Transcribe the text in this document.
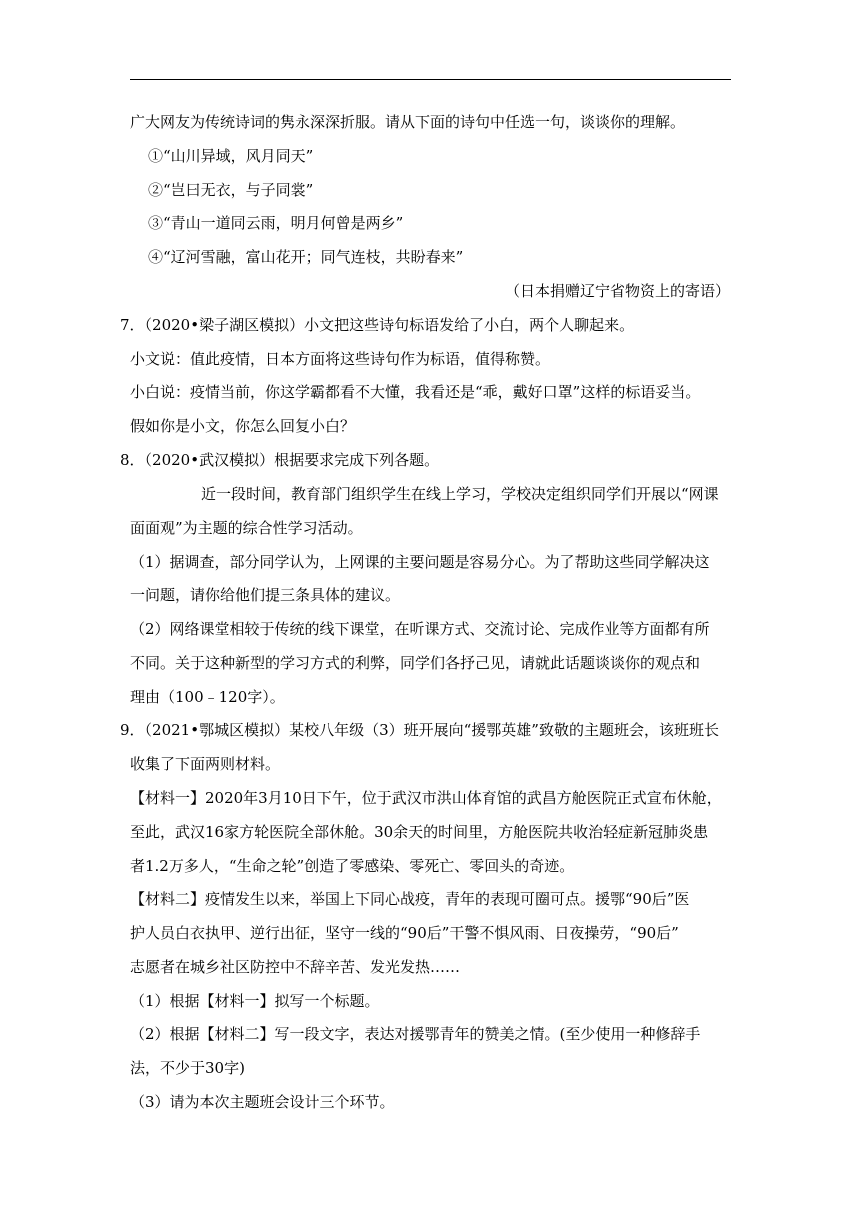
广大网友为传统诗词的隽永深深折服。请从下面的诗句中任选一句，谈谈你的理解。
①“山川异域，风月同天”
②“岂曰无衣，与子同裳”
③“青山一道同云雨，明月何曾是两乡”
④“辽河雪融，富山花开；同气连枝，共盼春来”
（日本捐赠辽宁省物资上的寄语）
7．（2020•梁子湖区模拟）小文把这些诗句标语发给了小白，两个人聊起来。
小文说：值此疫情，日本方面将这些诗句作为标语，值得称赞。
小白说：疫情当前，你这学霸都看不大懂，我看还是“乖，戴好口罩”这样的标语妥当。
假如你是小文，你怎么回复小白？
8．（2020•武汉模拟）根据要求完成下列各题。
近一段时间，教育部门组织学生在线上学习，学校决定组织同学们开展以“网课
面面观”为主题的综合性学习活动。
（1）据调查，部分同学认为，上网课的主要问题是容易分心。为了帮助这些同学解决这
一问题，请你给他们提三条具体的建议。
（2）网络课堂相较于传统的线下课堂，在听课方式、交流讨论、完成作业等方面都有所
不同。关于这种新型的学习方式的利弊，同学们各抒己见，请就此话题谈谈你的观点和
理由（100﹣120字）。
9．（2021•鄂城区模拟）某校八年级（3）班开展向“援鄂英雄”致敬的主题班会，该班班长
收集了下面两则材料。
【材料一】2020年3月10日下午，位于武汉市洪山体育馆的武昌方舱医院正式宣布休舱，
至此，武汉16家方轮医院全部休舱。30余天的时间里，方舱医院共收治轻症新冠肺炎患
者1.2万多人，“生命之轮”创造了零感染、零死亡、零回头的奇迹。
【材料二】疫情发生以来，举国上下同心战疫，青年的表现可圈可点。援鄂“90后”医
护人员白衣执甲、逆行出征，坚守一线的“90后”干警不惧风雨、日夜操劳，“90后”
志愿者在城乡社区防控中不辞辛苦、发光发热……
（1）根据【材料一】拟写一个标题。
（2）根据【材料二】写一段文字，表达对援鄂青年的赞美之情。(至少使用一种修辞手
法，不少于30字)
（3）请为本次主题班会设计三个环节。
